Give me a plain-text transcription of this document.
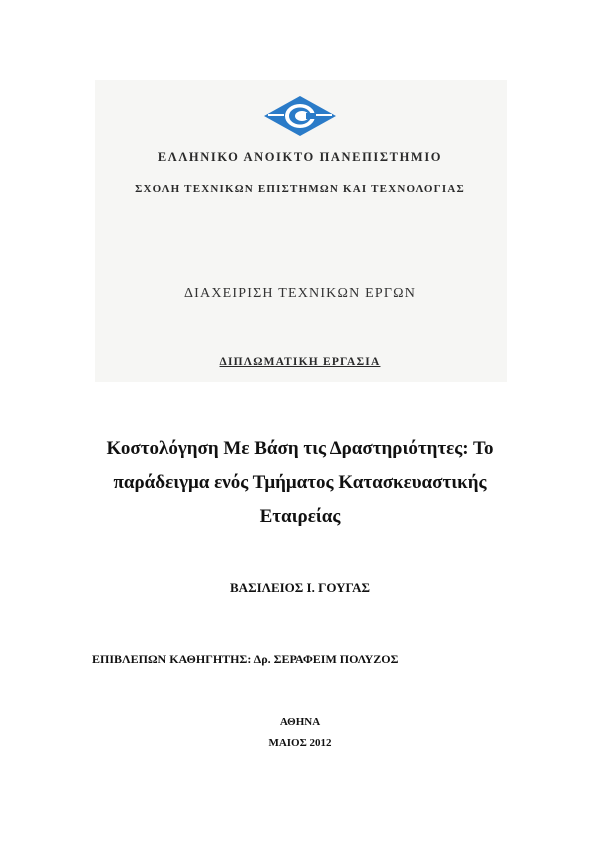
ΕΛΛΗΝΙΚΟ ΑΝΟΙΚΤΟ ΠΑΝΕΠΙΣΤΗΜΙΟ
ΣΧΟΛΗ ΤΕΧΝΙΚΩΝ ΕΠΙΣΤΗΜΩΝ ΚΑΙ ΤΕΧΝΟΛΟΓΙΑΣ
ΔΙΑΧΕΙΡΙΣΗ ΤΕΧΝΙΚΩΝ ΕΡΓΩΝ
ΔΙΠΛΩΜΑΤΙΚΗ ΕΡΓΑΣΙΑ
Κοστολόγηση Με Βάση τις Δραστηριότητες: Το
παράδειγμα ενός Τμήματος Κατασκευαστικής
Εταιρείας
ΒΑΣΙΛΕΙΟΣ Ι. ΓΟΥΓΑΣ
ΕΠΙΒΛΕΠΩΝ ΚΑΘΗΓΗΤΗΣ: Δρ. ΣΕΡΑΦΕΙΜ ΠΟΛΥΖΟΣ
ΑΘΗΝΑ
ΜΑΙΟΣ 2012
